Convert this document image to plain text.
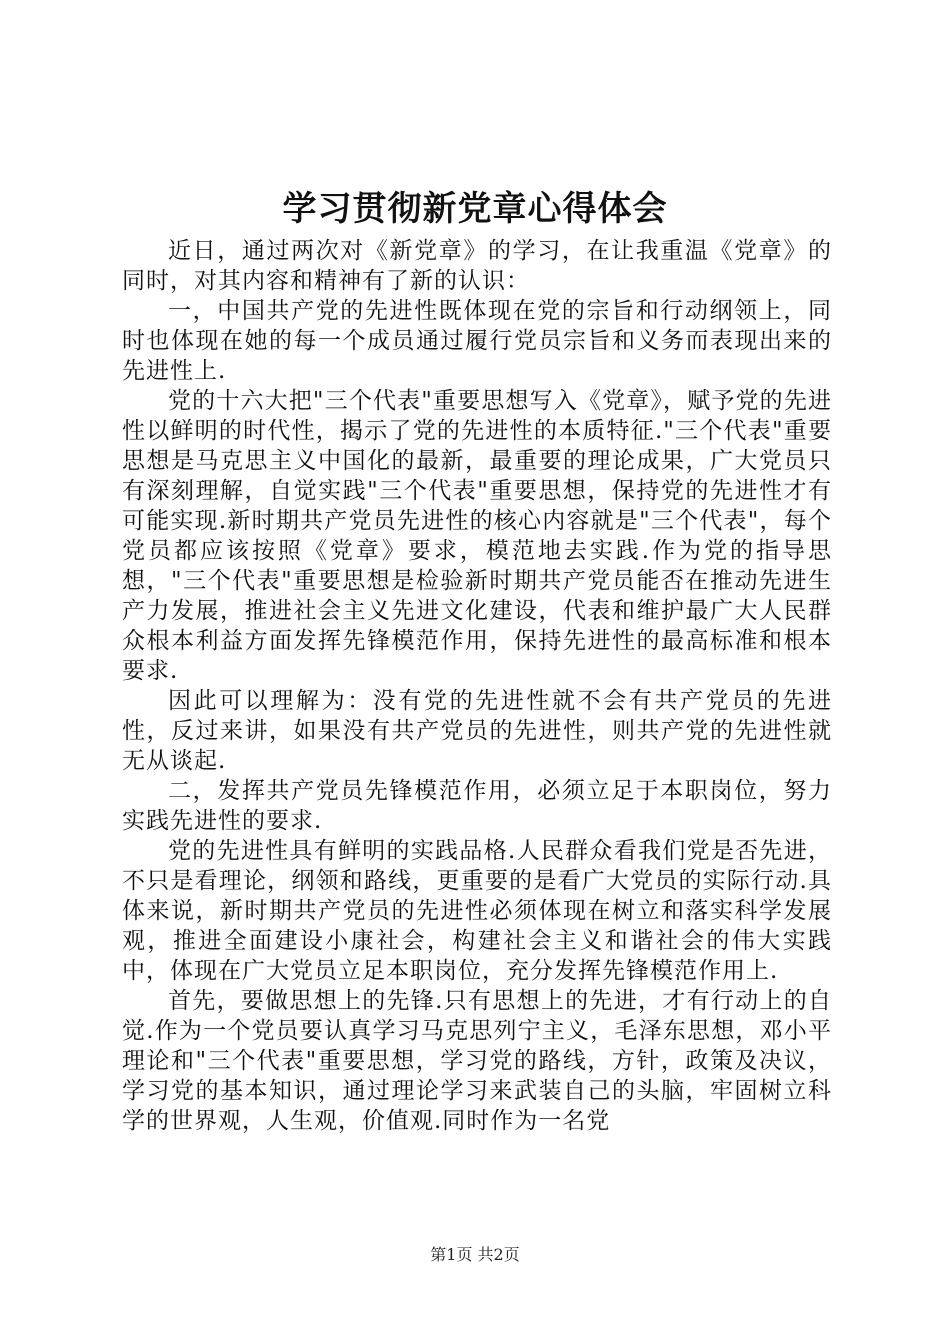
学习贯彻新党章心得体会

近日，通过两次对《新党章》的学习，在让我重温《党章》的同时，对其内容和精神有了新的认识：

一，中国共产党的先进性既体现在党的宗旨和行动纲领上，同时也体现在她的每一个成员通过履行党员宗旨和义务而表现出来的先进性上.

党的十六大把"三个代表"重要思想写入《党章》，赋予党的先进性以鲜明的时代性，揭示了党的先进性的本质特征."三个代表"重要思想是马克思主义中国化的最新，最重要的理论成果，广大党员只有深刻理解，自觉实践"三个代表"重要思想，保持党的先进性才有可能实现.新时期共产党员先进性的核心内容就是"三个代表"，每个党员都应该按照《党章》要求，模范地去实践.作为党的指导思想，"三个代表"重要思想是检验新时期共产党员能否在推动先进生产力发展，推进社会主义先进文化建设，代表和维护最广大人民群众根本利益方面发挥先锋模范作用，保持先进性的最高标准和根本要求.

因此可以理解为：没有党的先进性就不会有共产党员的先进性，反过来讲，如果没有共产党员的先进性，则共产党的先进性就无从谈起.

二，发挥共产党员先锋模范作用，必须立足于本职岗位，努力实践先进性的要求.

党的先进性具有鲜明的实践品格.人民群众看我们党是否先进，不只是看理论，纲领和路线，更重要的是看广大党员的实际行动.具体来说，新时期共产党员的先进性必须体现在树立和落实科学发展观，推进全面建设小康社会，构建社会主义和谐社会的伟大实践中，体现在广大党员立足本职岗位，充分发挥先锋模范作用上.

首先，要做思想上的先锋.只有思想上的先进，才有行动上的自觉.作为一个党员要认真学习马克思列宁主义，毛泽东思想，邓小平理论和"三个代表"重要思想，学习党的路线，方针，政策及决议，学习党的基本知识，通过理论学习来武装自己的头脑，牢固树立科学的世界观，人生观，价值观.同时作为一名党

第1页 共2页
